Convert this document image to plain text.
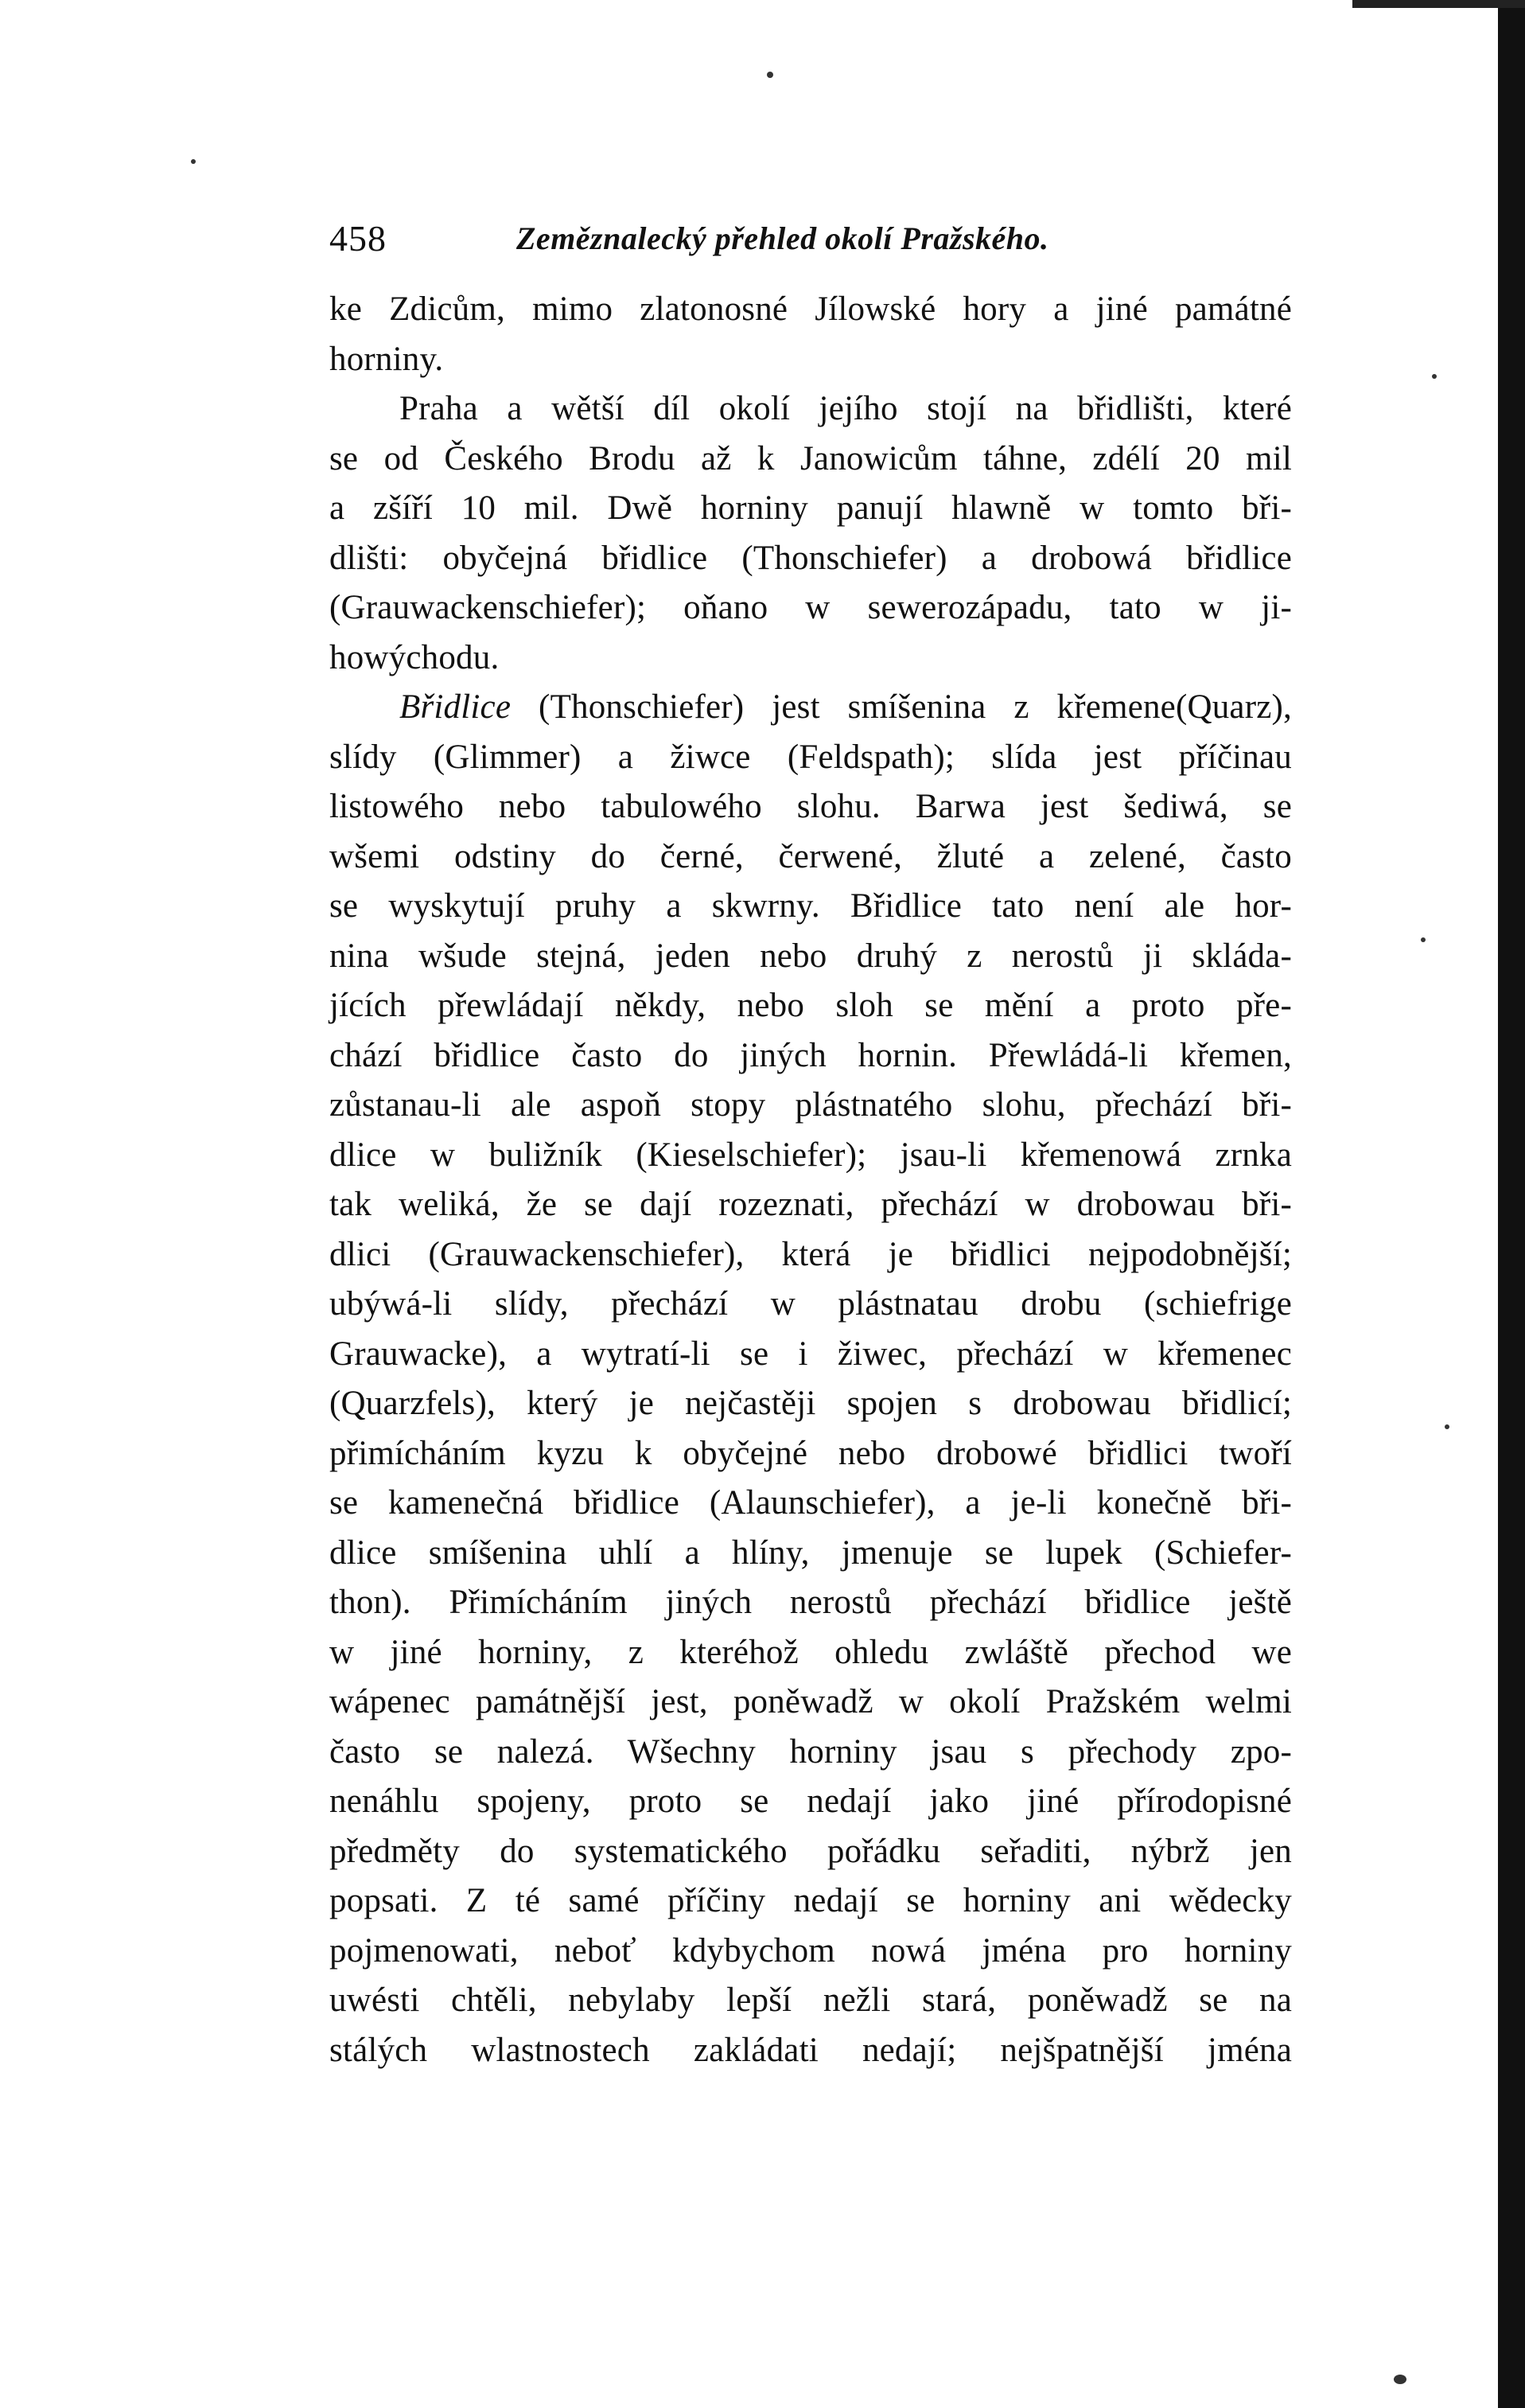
458	Zeměznalecký přehled okolí Pražského.
ke Zdicům, mimo zlatonosné Jílowské hory a jiné památné
horniny.
Praha a wětší díl okolí jejího stojí na břidlišti, které
se od Českého Brodu až k Janowicům táhne, zdélí 20 mil
a zšíří 10 mil. Dwě horniny panují hlawně w tomto bři-
dlišti: obyčejná břidlice (Thonschiefer) a drobowá břidlice
(Grauwackenschiefer); oňano w sewerozápadu, tato w ji-
howýchodu.
Břidlice (Thonschiefer) jest smíšenina z křemene(Quarz),
slídy (Glimmer) a žiwce (Feldspath); slída jest příčinau
listowého nebo tabulowého slohu. Barwa jest šediwá, se
wšemi odstiny do černé, čerwené, žluté a zelené, často
se wyskytují pruhy a skwrny. Břidlice tato není ale hor-
nina wšude stejná, jeden nebo druhý z nerostů ji skláda-
jících přewládají někdy, nebo sloh se mění a proto pře-
chází břidlice často do jiných hornin. Přewládá-li křemen,
zůstanau-li ale aspoň stopy plástnatého slohu, přechází bři-
dlice w buližník (Kieselschiefer); jsau-li křemenowá zrnka
tak weliká, že se dají rozeznati, přechází w drobowau bři-
dlici (Grauwackenschiefer), která je břidlici nejpodobnější;
ubýwá-li slídy, přechází w plástnatau drobu (schiefrige
Grauwacke), a wytratí-li se i žiwec, přechází w křemenec
(Quarzfels), který je nejčastěji spojen s drobowau břidlicí;
přimícháním kyzu k obyčejné nebo drobowé břidlici twoří
se kamenečná břidlice (Alaunschiefer), a je-li konečně bři-
dlice smíšenina uhlí a hlíny, jmenuje se lupek (Schiefer-
thon). Přimícháním jiných nerostů přechází břidlice ještě
w jiné horniny, z kteréhož ohledu zwláště přechod we
wápenec památnější jest, poněwadž w okolí Pražském welmi
často se nalezá. Wšechny horniny jsau s přechody zpo-
nenáhlu spojeny, proto se nedají jako jiné přírodopisné
předměty do systematického pořádku seřaditi, nýbrž jen
popsati. Z té samé příčiny nedají se horniny ani wědecky
pojmenowati, neboť kdybychom nowá jména pro horniny
uwésti chtěli, nebylaby lepší nežli stará, poněwadž se na
stálých wlastnostech zakládati nedají; nejšpatnější jména
